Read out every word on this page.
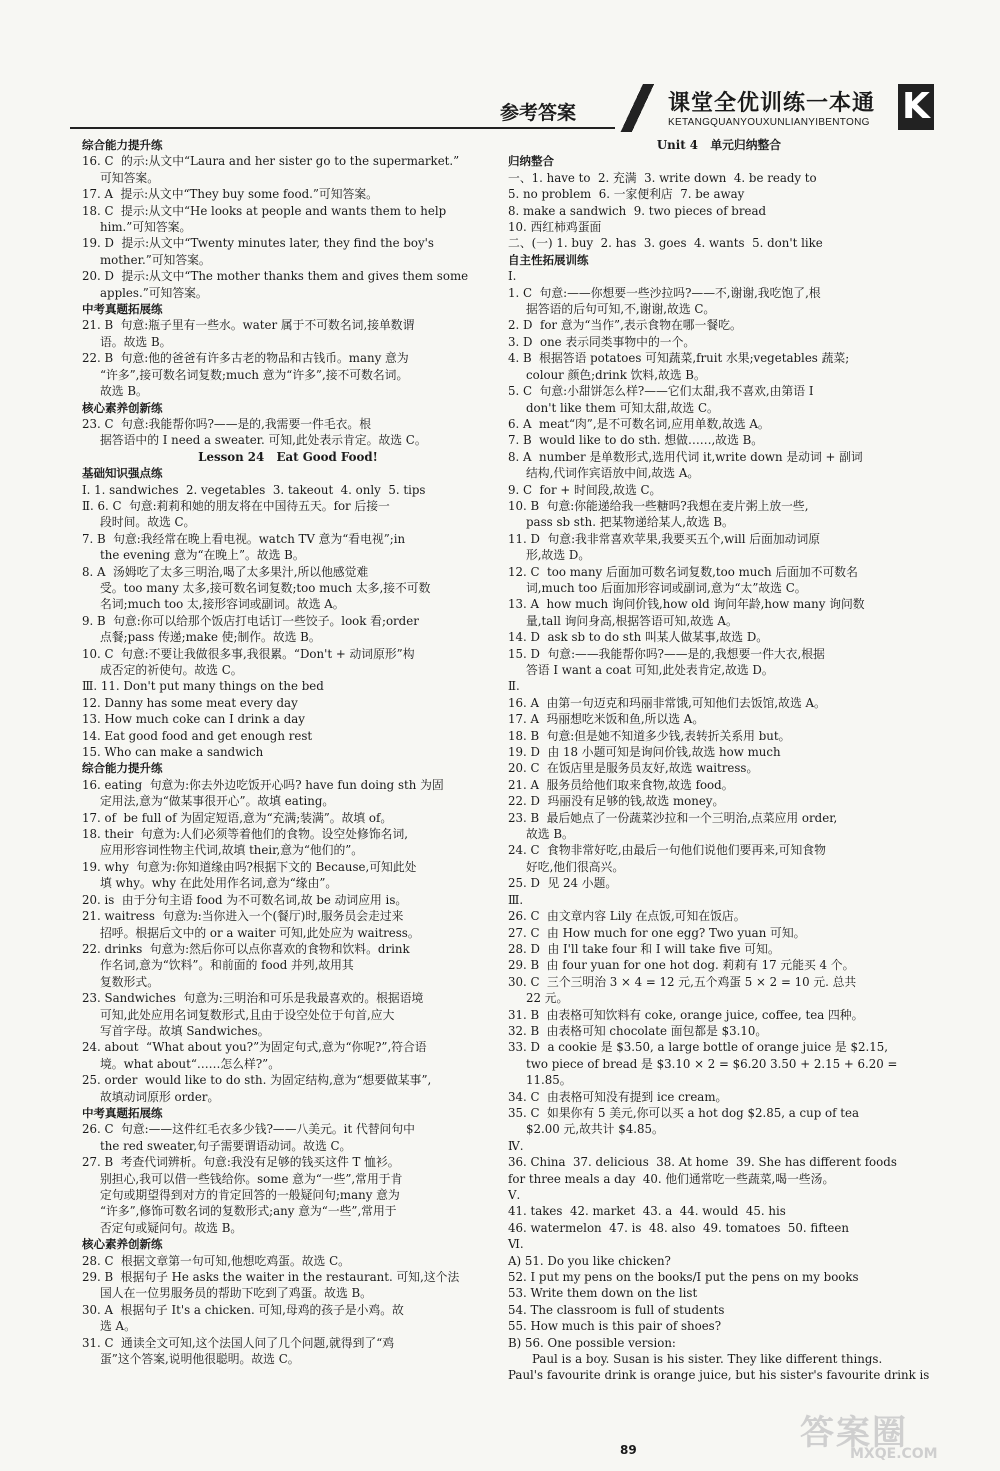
参考答案	课堂全优训练一本通
KETANGQUANYOUXUNLIANYIBENTONG K

综合能力提升练

16. C  的示:从文中“Laura and her sister go to the supermarket.”

可知答案。

17. A  提示:从文中“They buy some food.”可知答案。

18. C  提示:从文中“He looks at people and wants them to help

him.”可知答案。

19. D  提示:从文中“Twenty minutes later, they find the boy's

mother.”可知答案。

20. D  提示:从文中“The mother thanks them and gives them some

apples.”可知答案。

中考真题拓展练

21. B  句意:瓶子里有一些水。water 属于不可数名词,接单数谓

语。故选 B。

22. B  句意:他的爸爸有许多古老的物品和古钱币。many 意为

“许多”,接可数名词复数;much 意为“许多”,接不可数名词。

故选 B。

核心素养创新练

23. C  句意:我能帮你吗?——是的,我需要一件毛衣。根

据答语中的 I need a sweater. 可知,此处表示肯定。故选 C。

Lesson 24   Eat Good Food!

基础知识强点练

Ⅰ. 1. sandwiches  2. vegetables  3. takeout  4. only  5. tips

Ⅱ. 6. C  句意:莉莉和她的朋友将在中国待五天。for 后接一

段时间。故选 C。

7. B  句意:我经常在晚上看电视。watch TV 意为“看电视”;in

the evening 意为“在晚上”。故选 B。

8. A  汤姆吃了太多三明治,喝了太多果汁,所以他感觉难

受。too many 太多,接可数名词复数;too much 太多,接不可数

名词;much too 太,接形容词或副词。故选 A。

9. B  句意:你可以给那个饭店打电话订一些饺子。look 看;order

点餐;pass 传递;make 使;制作。故选 B。

10. C  句意:不要让我做很多事,我很累。“Don't + 动词原形”构

成否定的祈使句。故选 C。

Ⅲ. 11. Don't put many things on the bed

12. Danny has some meat every day

13. How much coke can I drink a day

14. Eat good food and get enough rest

15. Who can make a sandwich

综合能力提升练

16. eating  句意为:你去外边吃饭开心吗? have fun doing sth 为固

定用法,意为“做某事很开心”。故填 eating。

17. of  be full of 为固定短语,意为“充满;装满”。故填 of。

18. their  句意为:人们必须等着他们的食物。设空处修饰名词,

应用形容词性物主代词,故填 their,意为“他们的”。

19. why  句意为:你知道缘由吗?根据下文的 Because,可知此处

填 why。why 在此处用作名词,意为“缘由”。

20. is  由于分句主语 food 为不可数名词,故 be 动词应用 is。

21. waitress  句意为:当你进入一个(餐厅)时,服务员会走过来

招呼。根据后文中的 or a waiter 可知,此处应为 waitress。

22. drinks  句意为:然后你可以点你喜欢的食物和饮料。drink

作名词,意为“饮料”。和前面的 food 并列,故用其

复数形式。

23. Sandwiches  句意为:三明治和可乐是我最喜欢的。根据语境

可知,此处应用名词复数形式,且由于设空处位于句首,应大

写首字母。故填 Sandwiches。

24. about  “What about you?”为固定句式,意为“你呢?”,符合语

境。what about“……怎么样?”。

25. order  would like to do sth. 为固定结构,意为“想要做某事”,

故填动词原形 order。

中考真题拓展练

26. C  句意:——这件红毛衣多少钱?——八美元。it 代替问句中

the red sweater,句子需要谓语动词。故选 C。

27. B  考查代词辨析。句意:我没有足够的钱买这件 T 恤衫。

别担心,我可以借一些钱给你。some 意为“一些”,常用于肯

定句或期望得到对方的肯定回答的一般疑问句;many 意为

“许多”,修饰可数名词的复数形式;any 意为“一些”,常用于

否定句或疑问句。故选 B。

核心素养创新练

28. C  根据文章第一句可知,他想吃鸡蛋。故选 C。

29. B  根据句子 He asks the waiter in the restaurant. 可知,这个法

国人在一位男服务员的帮助下吃到了鸡蛋。故选 B。

30. A  根据句子 It's a chicken. 可知,母鸡的孩子是小鸡。故

选 A。

31. C  通读全文可知,这个法国人问了几个问题,就得到了“鸡

蛋”这个答案,说明他很聪明。故选 C。

Unit 4   单元归纳整合

归纳整合

一、1. have to  2. 充满  3. write down  4. be ready to

5. no problem  6. 一家便利店  7. be away

8. make a sandwich  9. two pieces of bread

10. 西红柿鸡蛋面

二、(一) 1. buy  2. has  3. goes  4. wants  5. don't like

自主性拓展训练

Ⅰ.

1. C  句意:——你想要一些沙拉吗?——不,谢谢,我吃饱了,根

据答语的后句可知,不,谢谢,故选 C。

2. D  for 意为“当作”,表示食物在哪一餐吃。

3. D  one 表示同类事物中的一个。

4. B  根据答语 potatoes 可知蔬菜,fruit 水果;vegetables 蔬菜;

colour 颜色;drink 饮料,故选 B。

5. C  句意:小甜饼怎么样?——它们太甜,我不喜欢,由第语 I

don't like them 可知太甜,故选 C。

6. A  meat“肉”,是不可数名词,应用单数,故选 A。

7. B  would like to do sth. 想做……,故选 B。

8. A  number 是单数形式,选用代词 it,write down 是动词 + 副词

结构,代词作宾语放中间,故选 A。

9. C  for + 时间段,故选 C。

10. B  句意:你能递给我一些糖吗?我想在麦片粥上放一些,

pass sb sth. 把某物递给某人,故选 B。

11. D  句意:我非常喜欢苹果,我要买五个,will 后面加动词原

形,故选 D。

12. C  too many 后面加可数名词复数,too much 后面加不可数名

词,much too 后面加形容词或副词,意为“太”故选 C。

13. A  how much 询问价钱,how old 询问年龄,how many 询问数

量,tall 询问身高,根据答语可知,故选 A。

14. D  ask sb to do sth 叫某人做某事,故选 D。

15. D  句意:——我能帮你吗?——是的,我想要一件大衣,根据

答语 I want a coat 可知,此处表肯定,故选 D。

Ⅱ.

16. A  由第一句迈克和玛丽非常饿,可知他们去饭馆,故选 A。

17. A  玛丽想吃米饭和鱼,所以选 A。

18. B  句意:但是她不知道多少钱,表转折关系用 but。

19. D  由 18 小题可知是询问价钱,故选 how much

20. C  在饭店里是服务员友好,故选 waitress。

21. A  服务员给他们取来食物,故选 food。

22. D  玛丽没有足够的钱,故选 money。

23. B  最后她点了一份蔬菜沙拉和一个三明治,点菜应用 order,

故选 B。

24. C  食物非常好吃,由最后一句他们说他们要再来,可知食物

好吃,他们很高兴。

25. D  见 24 小题。

Ⅲ.

26. C  由文章内容 Lily 在点饭,可知在饭店。

27. C  由 How much for one egg? Two yuan 可知。

28. D  由 I'll take four 和 I will take five 可知。

29. B  由 four yuan for one hot dog. 莉莉有 17 元能买 4 个。

30. C  三个三明治 3 × 4 = 12 元,五个鸡蛋 5 × 2 = 10 元. 总共

22 元。

31. B  由表格可知饮料有 coke, orange juice, coffee, tea 四种。

32. B  由表格可知 chocolate 面包都是 $3.10。

33. D  a cookie 是 $3.50, a large bottle of orange juice 是 $2.15,

two piece of bread 是 $3.10 × 2 = $6.20 3.50 + 2.15 + 6.20 =

11.85。

34. C  由表格可知没有提到 ice cream。

35. C  如果你有 5 美元,你可以买 a hot dog $2.85, a cup of tea

$2.00 元,故共计 $4.85。

Ⅳ.

36. China  37. delicious  38. At home  39. She has different foods

for three meals a day  40. 他们通常吃一些蔬菜,喝一些汤。

Ⅴ.

41. takes  42. market  43. a  44. would  45. his

46. watermelon  47. is  48. also  49. tomatoes  50. fifteen

Ⅵ.

A) 51. Do you like chicken?

52. I put my pens on the books/I put the pens on my books

53. Write them down on the list

54. The classroom is full of students

55. How much is this pair of shoes?

B) 56. One possible version:

Paul is a boy. Susan is his sister. They like different things.

Paul's favourite drink is orange juice, but his sister's favourite drink is

89	答案圈
MXQE.COM
